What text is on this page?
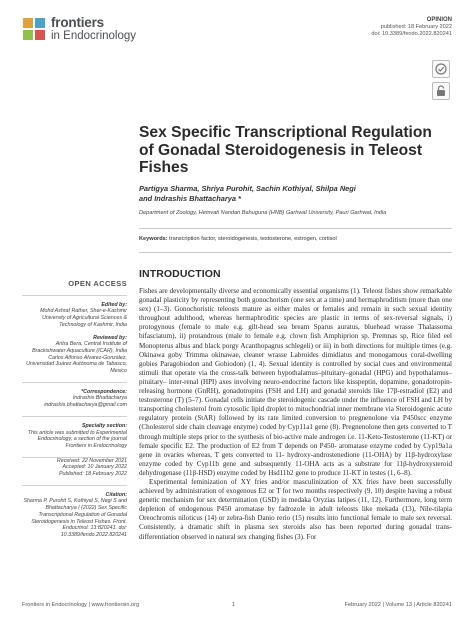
frontiers
in Endocrinology
OPINION
published: 18 February 2022
doi: 10.3389/fendo.2022.820241
Sex Specific Transcriptional Regulation of Gonadal Steroidogenesis in Teleost Fishes
Partigya Sharma, Shriya Purohit, Sachin Kothiyal, Shilpa Negi
and Indrashis Bhattacharya *
Department of Zoology, Hemvati Nandan Bahuguna (HNB) Garhwal University, Pauri Garhwal, India
Keywords: transcription factor, steroidogenesis, testosterone, estrogen, cortisol
INTRODUCTION

Fishes are developmentally diverse and economically essential organisms (1). Teleost fishes show remarkable gonadal plasticity by representing both gonochorism (one sex at a time) and hermaphroditism (more than one sex) (1–3). Gonochoristic teleosts mature as either males or females and remain in such sexual identity throughout adulthood, whereas hermaphroditic species are plastic in terms of sex-reversal signals, i) protogynous (female to male e.g. gilt-head sea bream Sparus auratus, bluehead wrasse Thalassoma bifasciatum), ii) protandrous (male to female e.g. clown fish Amphiprion sp. Premnas sp, Rice filed eel Monopterus albus and black porgy Acanthopagrus schlegeli) or iii) in both directions for multiple times (e.g. Okinawa goby Trimma okinawae, cleaner wrasse Labroides dimidiatus and monogamous coral-dwelling gobies Paragobiodon and Gobiodon) (1, 4). Sexual identity is controlled by social cues and environmental stimuli that operate via the cross-talk between hypothalamus–pituitary–gonadal (HPG) and hypothalamus–pituitary– inter-renal (HPI) axes involving neuro-endocrine factors like kisspeptin, dopamine, gonadotropin- releasing hormone (GnRH), gonadotropins (FSH and LH) and gonadal steroids like 17β-estradiol (E2) and testosterone (T) (5–7). Gonadal cells initiate the steroidogenic cascade under the influence of FSH and LH by transporting cholesterol from cytosolic lipid droplet to mitochondrial inner membrane via Steroidogenic acute regulatory protein (StAR) followed by its rate limited conversion to pregnenolone via P450scc enzyme (Cholesterol side chain cleavage enzyme) coded by Cyp11a1 gene (8). Pregnenolone then gets converted to T through multiple steps prior to the synthesis of bio-active male androgen i.e. 11-Keto-Testosterone (11-KT) or female specific E2. The production of E2 from T depends on P450- aromatase enzyme coded by Cyp19a1a gene in ovaries whereas, T gets converted to 11- hydroxy-androstenedione (11-OHA) by 11β-hydroxylase enzyme coded by Cyp11b gene and subsequently 11-OHA acts as a substrate for 11β-hydroxysteroid dehydrogenase (11β-HSD) enzyme coded by Hsd11b2 gene to produce 11-KT in testes (1, 6–8).

Experimental feminization of XY fries and/or masculinization of XX fries have been successfully achieved by administration of exogenous E2 or T for two months respectively (9, 10) despite having a robust genetic mechanism for sex determination (GSD) in medaka Oryzias latipes (11, 12). Furthermore, long term depletion of endogenous P450 aromatase by fadrozole in adult teleosts like mekada (13), Nile-tilapia Oreochromis niloticus (14) or zebra-fish Danio rerio (15) results into functional female to male sex reversal. Consistently, a dramatic shift in plasma sex steroids also has been reported during gonadal trans-differentiation observed in natural sex changing fishes (3). For

OPEN ACCESS
Edited by:
Mohd Ashraf Rather, Sher-e-Kashmir University of Agricultural Sciences & Technology of Kashmir, India
Reviewed by:
Aritra Bera, Central Institute of Brackishwater Aquaculture (ICAR), India
Carlos Alfonso Alvarez-González, Universidad Juárez Autónoma de Tabasco, Mexico
*Correspondence:
Indrashis Bhattacharya
indrashis.bhattacharya@gmail.com
Specialty section:
This article was submitted to Experimental Endocrinology, a section of the journal Frontiers in Endocrinology
Received: 22 November 2021
Accepted: 10 January 2022
Published: 18 February 2022
Citation:
Sharma P, Purohit S, Kothiyal S, Negi S and Bhattacharya I (2022) Sex Specific Transcriptional Regulation of Gonadal Steroidogenesis in Teleost Fishes. Front. Endocrinol. 13:820241. doi: 10.3389/fendo.2022.820241
Frontiers in Endocrinology | www.frontiersin.org	1	February 2022 | Volume 13 | Article 820241
